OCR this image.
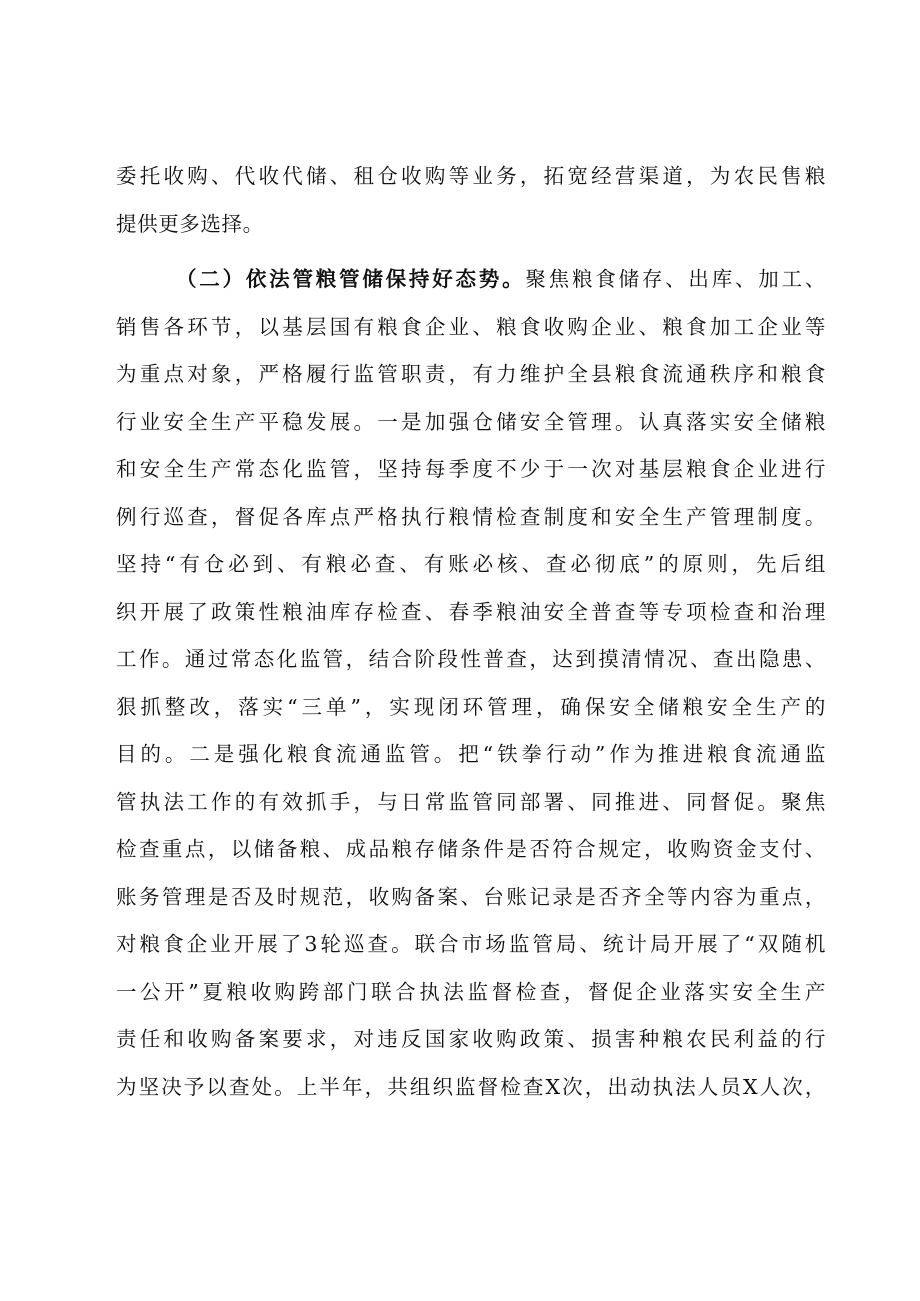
委托收购、代收代储、租仓收购等业务，拓宽经营渠道，为农民售粮
提供更多选择。
（二）依法管粮管储保持好态势。聚焦粮食储存、出库、加工、
销售各环节，以基层国有粮食企业、粮食收购企业、粮食加工企业等
为重点对象，严格履行监管职责，有力维护全县粮食流通秩序和粮食
行业安全生产平稳发展。一是加强仓储安全管理。认真落实安全储粮
和安全生产常态化监管，坚持每季度不少于一次对基层粮食企业进行
例行巡查，督促各库点严格执行粮情检查制度和安全生产管理制度。
坚持“有仓必到、有粮必查、有账必核、查必彻底”的原则，先后组
织开展了政策性粮油库存检查、春季粮油安全普查等专项检查和治理
工作。通过常态化监管，结合阶段性普查，达到摸清情况、查出隐患、
狠抓整改，落实“三单”，实现闭环管理，确保安全储粮安全生产的
目的。二是强化粮食流通监管。把“铁拳行动”作为推进粮食流通监
管执法工作的有效抓手，与日常监管同部署、同推进、同督促。聚焦
检查重点，以储备粮、成品粮存储条件是否符合规定，收购资金支付、
账务管理是否及时规范，收购备案、台账记录是否齐全等内容为重点，
对粮食企业开展了3轮巡查。联合市场监管局、统计局开展了“双随机
一公开”夏粮收购跨部门联合执法监督检查，督促企业落实安全生产
责任和收购备案要求，对违反国家收购政策、损害种粮农民利益的行
为坚决予以查处。上半年，共组织监督检查X次，出动执法人员X人次，
